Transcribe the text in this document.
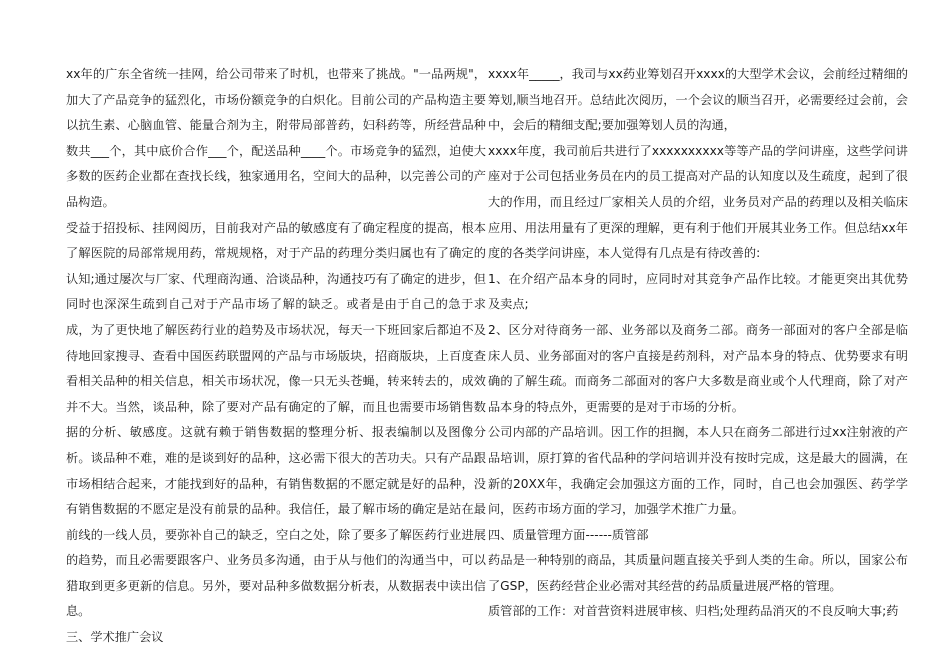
xx年的广东全省统一挂网，给公司带来了时机，也带来了挑战。"一品两规"，加大了产品竞争的猛烈化，市场份额竞争的白炽化。目前公司的产品构造主要以抗生素、心脑血管、能量合剂为主，附带局部普药，妇科药等，所经营品种数共___个，其中底价合作___个，配送品种____个。市场竞争的猛烈，迫使大多数的医药企业都在查找长线，独家通用名，空间大的品种，以完善公司的产品构造。

受益于招投标、挂网阅历，目前我对产品的敏感度有了确定程度的提高，根本了解医院的局部常规用药，常规规格，对于产品的药理分类归属也有了确定的认知;通过屡次与厂家、代理商沟通、洽谈品种，沟通技巧有了确定的进步，但同时也深深生疏到自己对于产品市场了解的缺乏。或者是由于自己的急于求成，为了更快地了解医药行业的趋势及市场状况，每天一下班回家后都迫不及待地回家搜寻、查看中国医药联盟网的产品与市场版块，招商版块，上百度查看相关品种的相关信息，相关市场状况，像一只无头苍蝇，转来转去的，成效并不大。当然，谈品种，除了要对产品有确定的了解，而且也需要市场销售数据的分析、敏感度。这就有赖于销售数据的整理分析、报表编制以及图像分析。谈品种不难，难的是谈到好的品种，这必需下很大的苦功夫。只有产品跟市场相结合起来，才能找到好的品种，有销售数据的不愿定就是好的品种，没有销售数据的不愿定是没有前景的品种。我信任，最了解市场的确定是站在最前线的一线人员，要弥补自己的缺乏，空白之处，除了要多了解医药行业进展的趋势，而且必需要跟客户、业务员多沟通，由于从与他们的沟通当中，可以猎取到更多更新的信息。另外，要对品种多做数据分析表，从数据表中读出信息。

三、学术推广会议

xxxx年_____，我司与xx药业筹划召开xxxx的大型学术会议，会前经过精细的筹划,顺当地召开。总结此次阅历，一个会议的顺当召开，必需要经过会前，会中，会后的精细支配;要加强筹划人员的沟通，

xxxx年度，我司前后共进行了xxxxxxxxxx等等产品的学问讲座，这些学问讲座对于公司包括业务员在内的员工提高对产品的认知度以及生疏度，起到了很大的作用，而且经过厂家相关人员的介绍，业务员对产品的药理以及相关临床应用、用法用量有了更深的理解，更有利于他们开展其业务工作。但总结xx年度的各类学问讲座，本人觉得有几点是有待改善的:

1、在介绍产品本身的同时，应同时对其竞争产品作比较。才能更突出其优势及卖点;

2、区分对待商务一部、业务部以及商务二部。商务一部面对的客户全部是临床人员、业务部面对的客户直接是药剂科，对产品本身的特点、优势要求有明确的了解生疏。而商务二部面对的客户大多数是商业或个人代理商，除了对产品本身的特点外，更需要的是对于市场的分析。

公司内部的产品培训。因工作的担搁，本人只在商务二部进行过xx注射液的产品培训，原打算的省代品种的学问培训并没有按时完成，这是最大的圆满，在新的20XX年，我确定会加强这方面的工作，同时，自己也会加强医、药学学问，医药市场方面的学习，加强学术推广力量。

四、质量管理方面------质管部

药品是一种特别的商品，其质量问题直接关乎到人类的生命。所以，国家公布了GSP，医药经营企业必需对其经营的药品质量进展严格的管理。

质管部的工作：对首营资料进展审核、归档;处理药品消灭的不良反响大事;药
